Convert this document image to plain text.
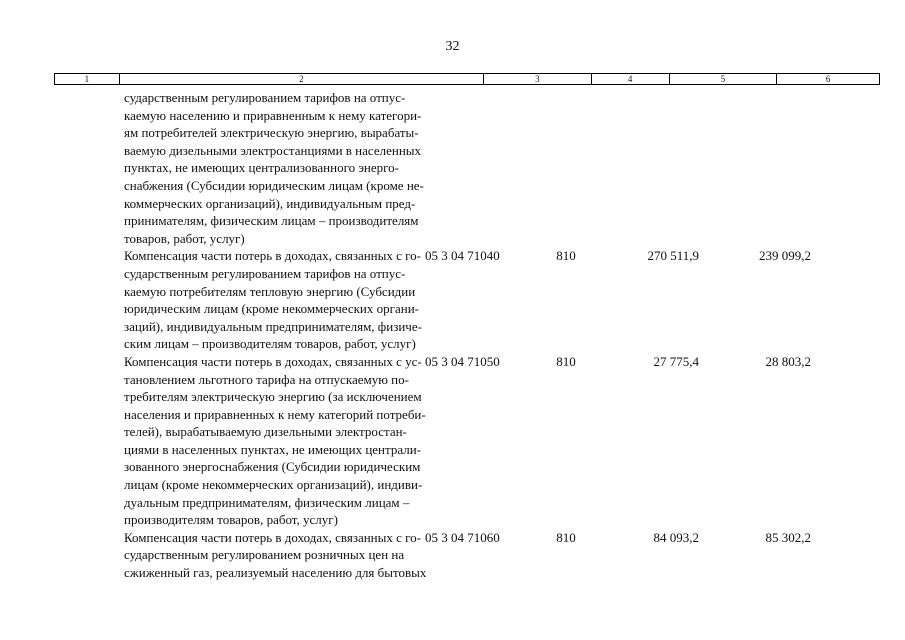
32
1	2	3	4	5	6
сударственным регулированием тарифов на отпус-
каемую населению и приравненным к нему категори-
ям потребителей электрическую энергию, вырабаты-
ваемую дизельными электростанциями в населенных
пунктах, не имеющих централизованного энерго-
снабжения (Субсидии юридическим лицам (кроме не-
коммерческих организаций), индивидуальным пред-
принимателям, физическим лицам – производителям
товаров, работ, услуг)
Компенсация части потерь в доходах, связанных с го-
сударственным регулированием тарифов на отпус-
каемую потребителям тепловую энергию (Субсидии
юридическим лицам (кроме некоммерческих органи-
заций), индивидуальным предпринимателям, физиче-
ским лицам – производителям товаров, работ, услуг)
05 3 04 71040	810	270 511,9	239 099,2
Компенсация части потерь в доходах, связанных с ус-
тановлением льготного тарифа на отпускаемую по-
требителям электрическую энергию (за исключением
населения и приравненных к нему категорий потреби-
телей), вырабатываемую дизельными электростан-
циями в населенных пунктах, не имеющих централи-
зованного энергоснабжения (Субсидии юридическим
лицам (кроме некоммерческих организаций), индиви-
дуальным предпринимателям, физическим лицам –
производителям товаров, работ, услуг)
05 3 04 71050	810	27 775,4	28 803,2
Компенсация части потерь в доходах, связанных с го-
сударственным регулированием розничных цен на
сжиженный газ, реализуемый населению для бытовых
05 3 04 71060	810	84 093,2	85 302,2
